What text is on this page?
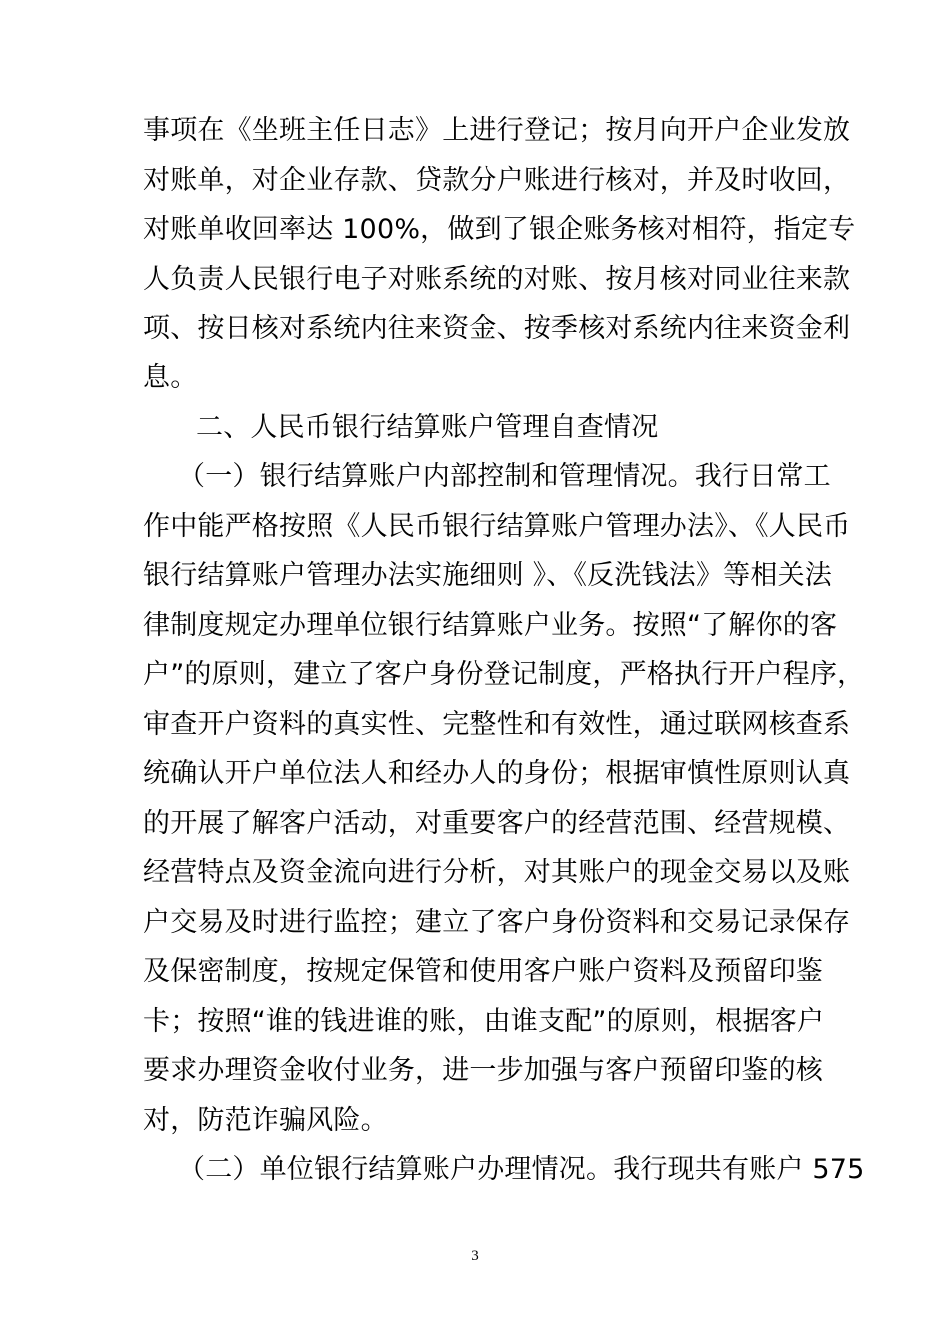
事项在《坐班主任日志》上进行登记；按月向开户企业发放
对账单，对企业存款、贷款分户账进行核对，并及时收回，
对账单收回率达 100%，做到了银企账务核对相符，指定专
人负责人民银行电子对账系统的对账、按月核对同业往来款
项、按日核对系统内往来资金、按季核对系统内往来资金利
息。
二、人民币银行结算账户管理自查情况
（一）银行结算账户内部控制和管理情况。我行日常工
作中能严格按照《人民币银行结算账户管理办法》、《人民币
银行结算账户管理办法实施细则 》、《反洗钱法》等相关法
律制度规定办理单位银行结算账户业务。按照“了解你的客
户”的原则，建立了客户身份登记制度，严格执行开户程序，
审查开户资料的真实性、完整性和有效性，通过联网核查系
统确认开户单位法人和经办人的身份；根据审慎性原则认真
的开展了解客户活动，对重要客户的经营范围、经营规模、
经营特点及资金流向进行分析，对其账户的现金交易以及账
户交易及时进行监控；建立了客户身份资料和交易记录保存
及保密制度，按规定保管和使用客户账户资料及预留印鉴
卡；按照“谁的钱进谁的账，由谁支配”的原则，根据客户
要求办理资金收付业务，进一步加强与客户预留印鉴的核
对，防范诈骗风险。
（二）单位银行结算账户办理情况。我行现共有账户 575
3
